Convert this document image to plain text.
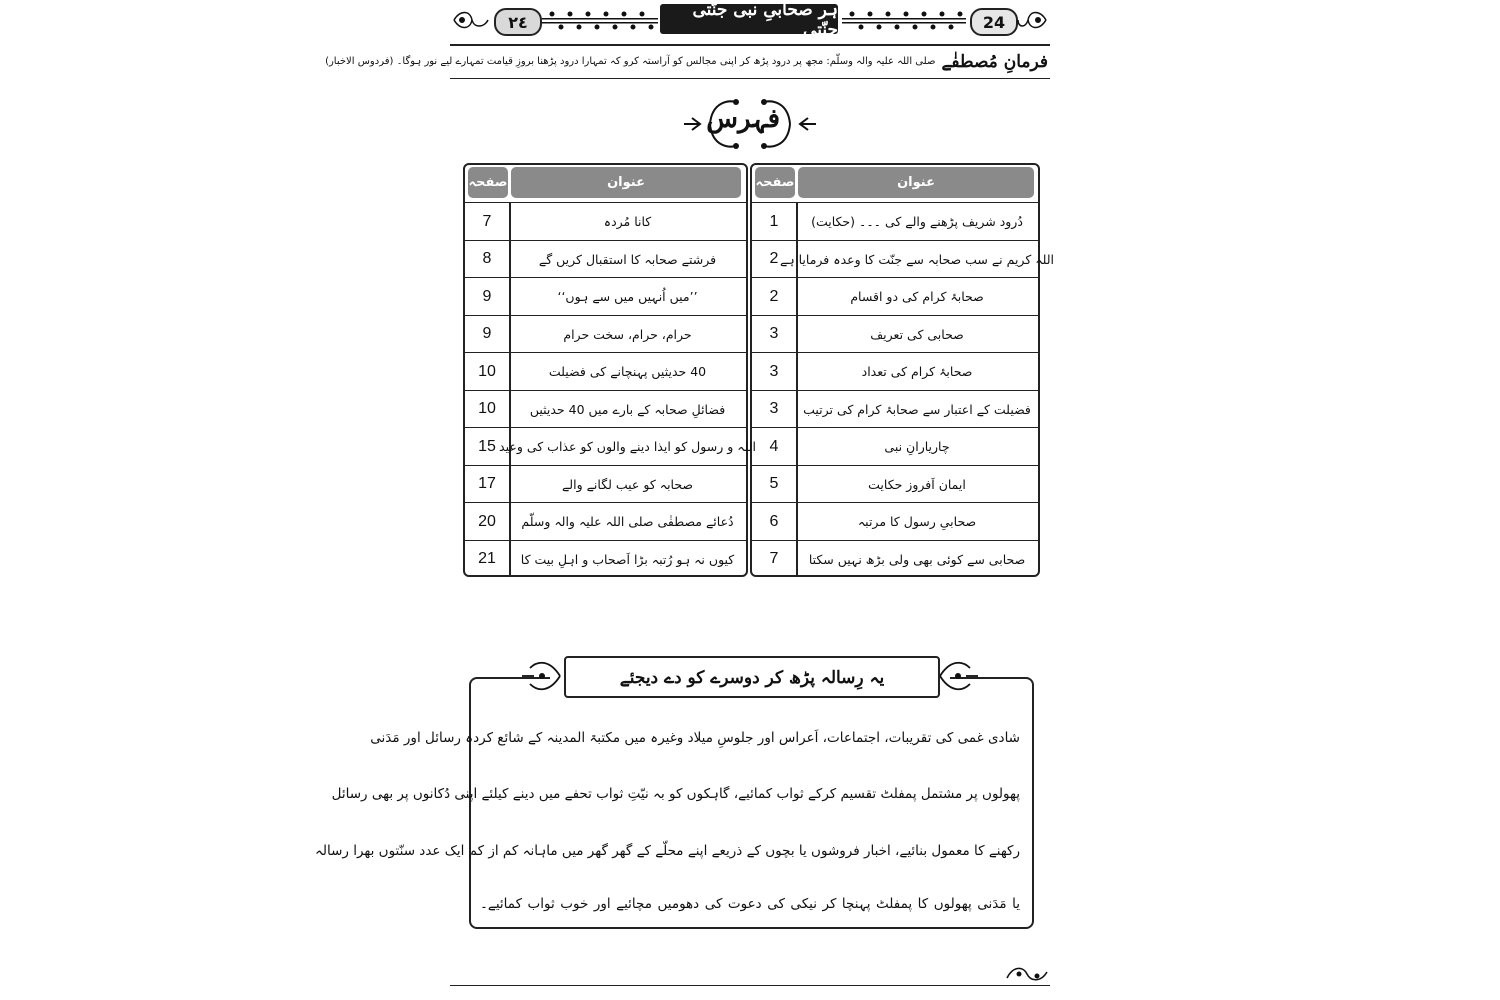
٢٤
ہر صحابیِ نبی جنّتی جنّتی	24
فرمانِ مُصطفٰے
صلی اللہ عليہ والہ وسلّم: مجھ پر درود پڑھ کر اپنی مجالس کو آراستہ کرو کہ تمہارا درود پڑھنا بروزِ قیامت تمہارے لیے نور ہوگا۔ (فردوس الاخبار)
فہرس
عنوان
صفحہ
1	دُرود شریف پڑھنے والے کی ۔۔۔ (حکایت)
2 اللہ کریم نے سب صحابہ سے جنّت کا وعدہ فرمایا ہے
2	صحابۂ کرام کی دو اقسام
3	صحابی کی تعریف
3	صحابۂ کرام کی تعداد
3	فضیلت کے اعتبار سے صحابۂ کرام کی ترتیب
4	چاریارانِ نبی
5	ایمان اَفروز حکایت
6	صحابیِ رسول کا مرتبہ
7	صحابی سے کوئی بھی ولی بڑھ نہیں سکتا
عنوان
صفحہ
7	کانا مُردہ
8	فرشتے صحابہ کا استقبال کریں گے
9	’’میں اُنہیں میں سے ہوں‘‘
9	حرام، حرام، سخت حرام
10	40 حدیثیں پہنچانے کی فضیلت
10	فضائلِ صحابہ کے بارے میں 40 حدیثیں
15 اللہ و رسول کو ایذا دینے والوں کو عذاب کی وعید
17	صحابہ کو عیب لگانے والے
20	دُعائے مصطفٰی صلی اللہ علیہ والہ وسلّم
21	کیوں نہ ہو رُتبہ بڑا اَصحاب و اہلِ بیت کا
یہ رِسالہ پڑھ کر دوسرے کو دے دیجئے
شادی غمی کی تقریبات، اجتماعات، اَعراس اور جلوسِ میلاد وغیرہ میں مکتبۃ المدینہ کے شائع کردہ رسائل اور مَدَنی
پھولوں پر مشتمل پمفلٹ تقسیم کرکے ثواب کمائیے، گاہکوں کو بہ نیّتِ ثواب تحفے میں دینے کیلئے اپنی دُکانوں پر بھی رسائل
رکھنے کا معمول بنائیے، اخبار فروشوں یا بچوں کے ذریعے اپنے محلّے کے گھر گھر میں ماہانہ کم از کم ایک عدد سنّتوں بھرا رسالہ
یا مَدَنی پھولوں کا پمفلٹ پہنچا کر نیکی کی دعوت کی دھومیں مچائیے اور خوب ثواب کمائیے۔
